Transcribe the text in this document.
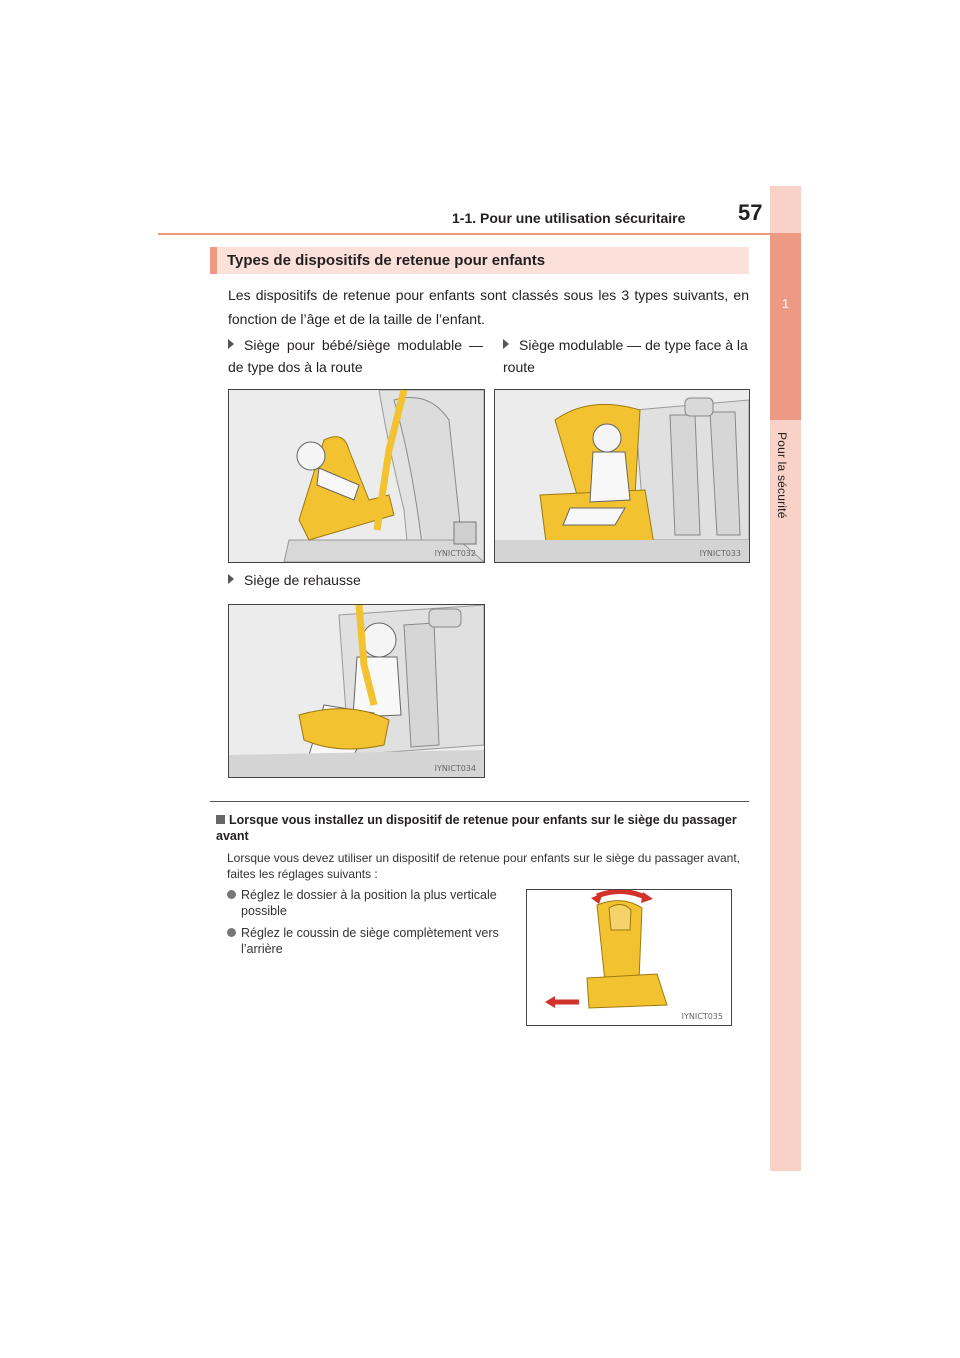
1
Pour la sécurité
1-1. Pour une utilisation sécuritaire 57
Types de dispositifs de retenue pour enfants
Les dispositifs de retenue pour enfants sont classés sous les 3 types suivants, en fonction de l’âge et de la taille de l’enfant.
Siège pour bébé/siège modulable — de type dos à la route
Siège modulable — de type face à la route
IYNICT032	IYNICT033
Siège de rehausse
IYNICT034
Lorsque vous installez un dispositif de retenue pour enfants sur le siège du passager avant
Lorsque vous devez utiliser un dispositif de retenue pour enfants sur le siège du passager avant, faites les réglages suivants :
Réglez le dossier à la position la plus verticale possible
Réglez le coussin de siège complètement vers l’arrière
IYNICT035
